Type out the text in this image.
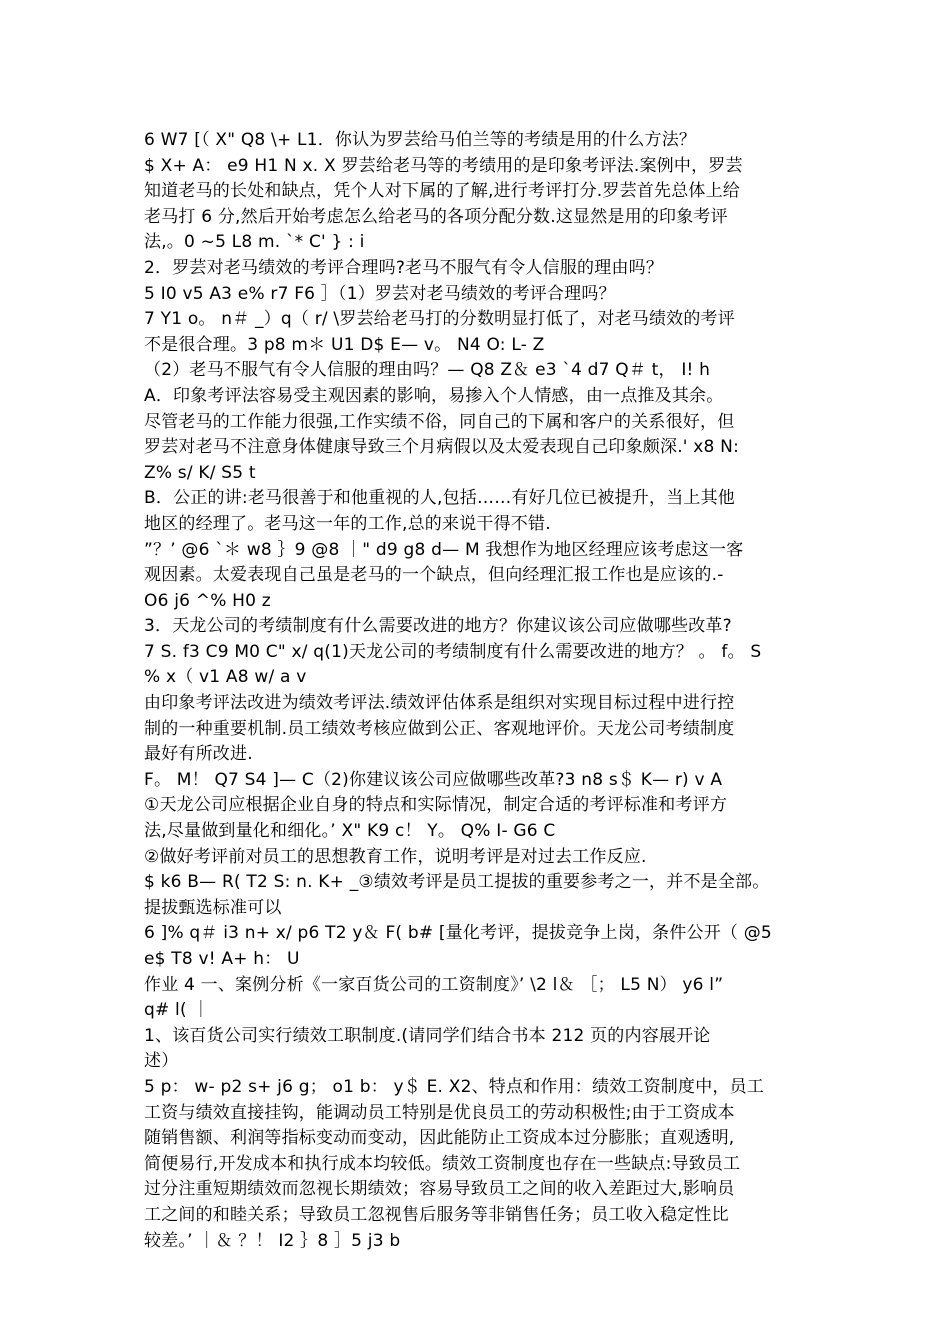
6 W7 [（ X" Q8 \+ L1．你认为罗芸给马伯兰等的考绩是用的什么方法？
$ X+ A： e9 H1 N x. X 罗芸给老马等的考绩用的是印象考评法.案例中，罗芸
知道老马的长处和缺点，凭个人对下属的了解,进行考评打分.罗芸首先总体上给
老马打 6 分,然后开始考虑怎么给老马的各项分配分数.这显然是用的印象考评
法,。0 ~5 L8 m. `* C' } : i
2．罗芸对老马绩效的考评合理吗?老马不服气有令人信服的理由吗？
5 I0 v5 A3 e% r7 F6 ］（1）罗芸对老马绩效的考评合理吗？
7 Y1 o。 n＃ _）q（ r/ \罗芸给老马打的分数明显打低了，对老马绩效的考评
不是很合理。3 p8 m＊ U1 D$ E— v。 N4 O: L- Z
（2）老马不服气有令人信服的理由吗？— Q8 Z＆ e3 `4 d7 Q＃ t， I! h
A．印象考评法容易受主观因素的影响，易掺入个人情感，由一点推及其余。
尽管老马的工作能力很强,工作实绩不俗，同自己的下属和客户的关系很好，但
罗芸对老马不注意身体健康导致三个月病假以及太爱表现自己印象颇深.' x8 N:
Z% s/ K/ S5 t
B．公正的讲:老马很善于和他重视的人,包括……有好几位已被提升，当上其他
地区的经理了。老马这一年的工作,总的来说干得不错.
”？’ @6 `＊ w8 ｝9 @8 ｜" d9 g8 d— M 我想作为地区经理应该考虑这一客
观因素。太爱表现自己虽是老马的一个缺点，但向经理汇报工作也是应该的.-
O6 j6 ^% H0 z
3．天龙公司的考绩制度有什么需要改进的地方？你建议该公司应做哪些改革?
7 S. f3 C9 M0 C" x/ q(1)天龙公司的考绩制度有什么需要改进的地方？ 。 f。 S
% x（ v1 A8 w/ a v
由印象考评法改进为绩效考评法.绩效评估体系是组织对实现目标过程中进行控
制的一种重要机制.员工绩效考核应做到公正、客观地评价。天龙公司考绩制度
最好有所改进.
F。 M！ Q7 S4 ]— C（2)你建议该公司应做哪些改革?3 n8 s＄ K— r) v A
①天龙公司应根据企业自身的特点和实际情况，制定合适的考评标准和考评方
法,尽量做到量化和细化。’ X" K9 c！ Y。 Q% I- G6 C
②做好考评前对员工的思想教育工作，说明考评是对过去工作反应.
$ k6 B— R( T2 S: n. K+ _③绩效考评是员工提拔的重要参考之一，并不是全部。
提拔甄选标准可以
6 ]% q＃ i3 n+ x/ p6 T2 y＆ F( b# [量化考评，提拔竞争上岗，条件公开（ @5
e$ T8 v! A+ h： U
作业 4 一、案例分析《一家百货公司的工资制度》’ \2 l＆ ［； L5 N） y6 l”
q# l( ｜
1、该百货公司实行绩效工职制度.(请同学们结合书本 212 页的内容展开论
述）
5 p： w- p2 s+ j6 g； o1 b： y＄ E. X2、特点和作用：绩效工资制度中，员工
工资与绩效直接挂钩，能调动员工特别是优良员工的劳动积极性;由于工资成本
随销售额、利润等指标变动而变动，因此能防止工资成本过分膨胀；直观透明,
简便易行,开发成本和执行成本均较低。绩效工资制度也存在一些缺点:导致员工
过分注重短期绩效而忽视长期绩效；容易导致员工之间的收入差距过大,影响员
工之间的和睦关系；导致员工忽视售后服务等非销售任务；员工收入稳定性比
较差。’ ｜＆ ？！ I2 ｝8 ］5 j3 b
